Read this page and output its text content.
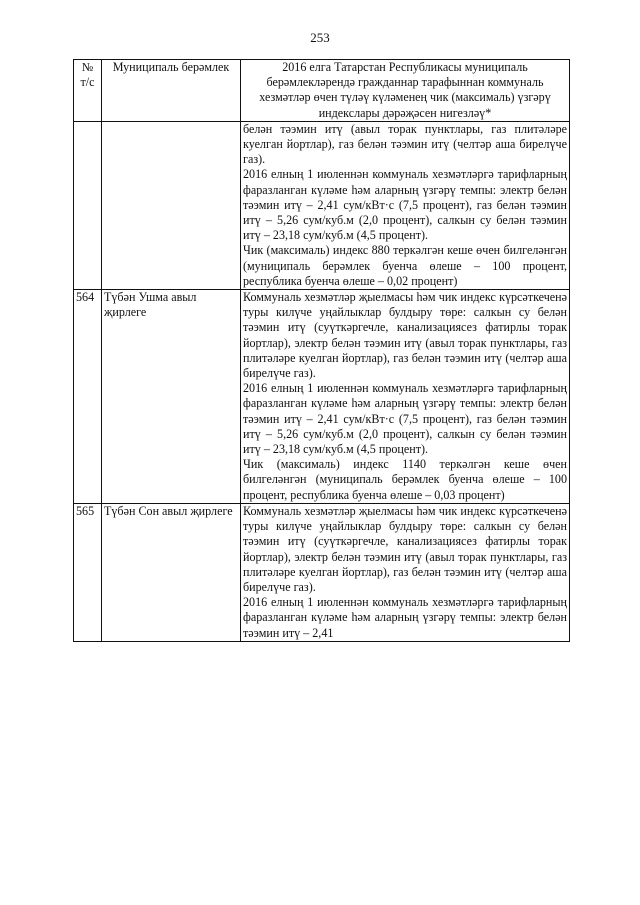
253
№ т/с	Муниципаль берәмлек	2016 елга Татарстан Республикасы муниципаль берәмлекләрендә гражданнар тарафыннан коммуналь хезмәтләр өчен түләү күләменең чик (максималь) үзгәрү индекслары дәрәҗәсен нигезләү*

		белән тәэмин итү (авыл торак пунктлары, газ плитәләре куелган йортлар), газ белән тәэмин итү (челтәр аша бирелүче газ).

2016 елның 1 июленнән коммуналь хезмәтләргә тарифларның фаразланган күләме һәм аларның үзгәрү темпы: электр белән тәэмин итү – 2,41 сум/кВт·с (7,5 процент), газ белән тәэмин итү – 5,26 сум/куб.м (2,0 процент), салкын су белән тәэмин итү – 23,18 сум/куб.м (4,5 процент).

Чик (максималь) индекс 880 теркәлгән кеше өчен билгеләнгән (муниципаль берәмлек буенча өлеше – 100 процент, республика буенча өлеше – 0,02 процент)

564	Түбән Ушма авыл җирлеге	Коммуналь хезмәтләр җыелмасы һәм чик индекс күрсәткеченә туры килүче уңайлыклар булдыру төре: салкын су белән тәэмин итү (суүткәргечле, канализациясез фатирлы торак йортлар), электр белән тәэмин итү (авыл торак пунктлары, газ плитәләре куелган йортлар), газ белән тәэмин итү (челтәр аша бирелүче газ).

2016 елның 1 июленнән коммуналь хезмәтләргә тарифларның фаразланган күләме һәм аларның үзгәрү темпы: электр белән тәэмин итү – 2,41 сум/кВт·с (7,5 процент), газ белән тәэмин итү – 5,26 сум/куб.м (2,0 процент), салкын су белән тәэмин итү – 23,18 сум/куб.м (4,5 процент).

Чик (максималь) индекс 1140 теркәлгән кеше өчен билгеләнгән (муниципаль берәмлек буенча өлеше – 100 процент, республика буенча өлеше – 0,03 процент)

565	Түбән Сон авыл җирлеге	Коммуналь хезмәтләр җыелмасы һәм чик индекс күрсәткеченә туры килүче уңайлыклар булдыру төре: салкын су белән тәэмин итү (суүткәргечле, канализациясез фатирлы торак йортлар), электр белән тәэмин итү (авыл торак пунктлары, газ плитәләре куелган йортлар), газ белән тәэмин итү (челтәр аша бирелүче газ).

2016 елның 1 июленнән коммуналь хезмәтләргә тарифларның фаразланган күләме һәм аларның үзгәрү темпы: электр белән тәэмин итү – 2,41
